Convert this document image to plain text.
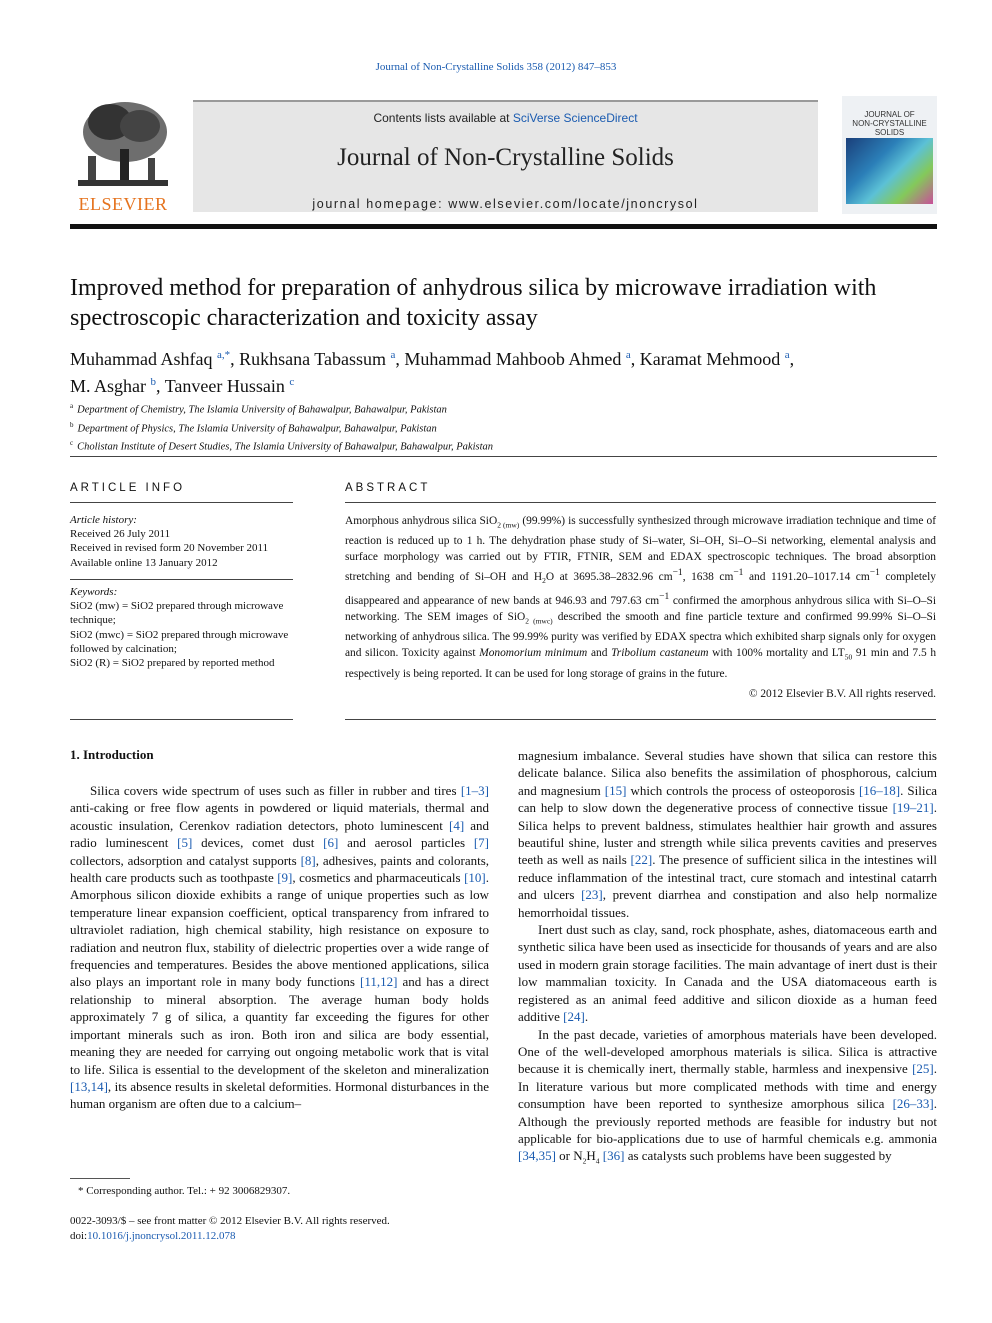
Journal of Non-Crystalline Solids 358 (2012) 847–853
ELSEVIER
Contents lists available at SciVerse ScienceDirect
Journal of Non-Crystalline Solids
journal homepage: www.elsevier.com/locate/jnoncrysol
JOURNAL OF
NON-CRYSTALLINE SOLIDS
Improved method for preparation of anhydrous silica by microwave irradiation with spectroscopic characterization and toxicity assay
Muhammad Ashfaq $^{a,*}$, Rukhsana Tabassum $^a$, Muhammad Mahboob Ahmed $^a$, Karamat Mehmood $^a$,
M. Asghar $^b$, Tanveer Hussain $^c$
$^a$ Department of Chemistry, The Islamia University of Bahawalpur, Bahawalpur, Pakistan
$^b$ Department of Physics, The Islamia University of Bahawalpur, Bahawalpur, Pakistan
$^c$ Cholistan Institute of Desert Studies, The Islamia University of Bahawalpur, Bahawalpur, Pakistan
ARTICLE INFO
Article history:
Received 26 July 2011
Received in revised form 20 November 2011
Available online 13 January 2012
Keywords:
SiO2 (mw) = SiO2 prepared through microwave technique;
SiO2 (mwc) = SiO2 prepared through microwave followed by calcination;
SiO2 (R) = SiO2 prepared by reported method
ABSTRACT
Amorphous anhydrous silica SiO$_{2 (mw)}$ (99.99%) is successfully synthesized through microwave irradiation technique and time of reaction is reduced up to 1 h. The dehydration phase study of Si–water, Si–OH, Si–O–Si networking, elemental analysis and surface morphology was carried out by FTIR, FTNIR, SEM and EDAX spectroscopic techniques. The broad absorption stretching and bending of Si–OH and $H_2O$ at 3695.38–2832.96 $cm^{-1}$, 1638 $cm^{-1}$ and 1191.20–1017.14 $cm^{-1}$ completely disappeared and appearance of new bands at 946.93 and 797.63 $cm^{-1}$ confirmed the amorphous anhydrous silica with Si–O–Si networking. The SEM images of SiO$_{2 (mwc)}$ described the smooth and fine particle texture and confirmed 99.99% Si–O–Si networking of anhydrous silica. The 99.99% purity was verified by EDAX spectra which exhibited sharp signals only for oxygen and silicon. Toxicity against Monomorium minimum and Tribolium castaneum with 100% mortality and $LT_{50}$ 91 min and 7.5 h respectively is being reported. It can be used for long storage of grains in the future.
© 2012 Elsevier B.V. All rights reserved.
1. Introduction

Silica covers wide spectrum of uses such as filler in rubber and tires [1–3] anti-caking or free flow agents in powdered or liquid materials, thermal and acoustic insulation, Cerenkov radiation detectors, photo luminescent [4] and radio luminescent [5] devices, comet dust [6] and aerosol particles [7] collectors, adsorption and catalyst supports [8], adhesives, paints and colorants, health care products such as toothpaste [9], cosmetics and pharmaceuticals [10]. Amorphous silicon dioxide exhibits a range of unique properties such as low temperature linear expansion coefficient, optical transparency from infrared to ultraviolet radiation, high chemical stability, high resistance on exposure to radiation and neutron flux, stability of dielectric properties over a wide range of frequencies and temperatures. Besides the above mentioned applications, silica also plays an important role in many body functions [11,12] and has a direct relationship to mineral absorption. The average human body holds approximately 7 g of silica, a quantity far exceeding the figures for other important minerals such as iron. Both iron and silica are body essential, meaning they are needed for carrying out ongoing metabolic work that is vital to life. Silica is essential to the development of the skeleton and mineralization [13,14], its absence results in skeletal deformities. Hormonal disturbances in the human organism are often due to a calcium–

magnesium imbalance. Several studies have shown that silica can restore this delicate balance. Silica also benefits the assimilation of phosphorous, calcium and magnesium [15] which controls the process of osteoporosis [16–18]. Silica can help to slow down the degenerative process of connective tissue [19–21]. Silica helps to prevent baldness, stimulates healthier hair growth and assures beautiful shine, luster and strength while silica prevents cavities and preserves teeth as well as nails [22]. The presence of sufficient silica in the intestines will reduce inflammation of the intestinal tract, cure stomach and intestinal catarrh and ulcers [23], prevent diarrhea and constipation and also help normalize hemorrhoidal tissues.

Inert dust such as clay, sand, rock phosphate, ashes, diatomaceous earth and synthetic silica have been used as insecticide for thousands of years and are also used in modern grain storage facilities. The main advantage of inert dust is their low mammalian toxicity. In Canada and the USA diatomaceous earth is registered as an animal feed additive and silicon dioxide as a human feed additive [24].

In the past decade, varieties of amorphous materials have been developed. One of the well-developed amorphous materials is silica. Silica is attractive because it is chemically inert, thermally stable, harmless and inexpensive [25]. In literature various but more complicated methods with time and energy consumption have been reported to synthesize amorphous silica [26–33]. Although the previously reported methods are feasible for industry but not applicable for bio-applications due to use of harmful chemicals e.g. ammonia [34,35] or $N_2H_4$ [36] as catalysts such problems have been suggested by

* Corresponding author. Tel.: + 92 3006829307.
0022-3093/$ – see front matter © 2012 Elsevier B.V. All rights reserved.
doi:10.1016/j.jnoncrysol.2011.12.078
